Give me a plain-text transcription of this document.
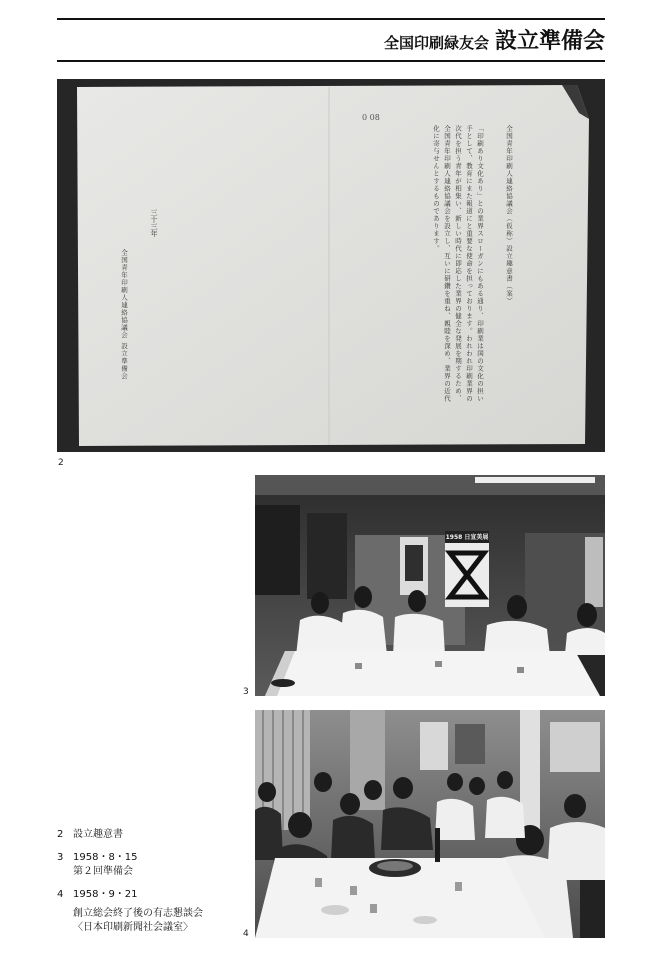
全国印刷緑友会 設立準備会
0 08
全国青年印刷人連絡協議会（仮称）設立趣意書（案）
「印刷あり文化あり」との業界スローガンにもある通り、印刷業は国の文化の担い手として、教育にまた報道にと重要な使命を担っております。われわれ印刷業界の次代を担う青年が相集い、新しい時代に即応した業界の健全な発展を期するため、全国青年印刷人連絡協議会を設立し、互いに研鑽を重ね、親睦を深め、業界の近代化に寄与せんとするものであります。
三十三年
全国青年印刷人連絡協議会 設立準備会
2
1958 日宣美展
3
4
2 設立趣意書
3 1958・8・15
第２回準備会
4 1958・9・21
創立総会終了後の有志懇談会
〈日本印刷新聞社会議室〉
